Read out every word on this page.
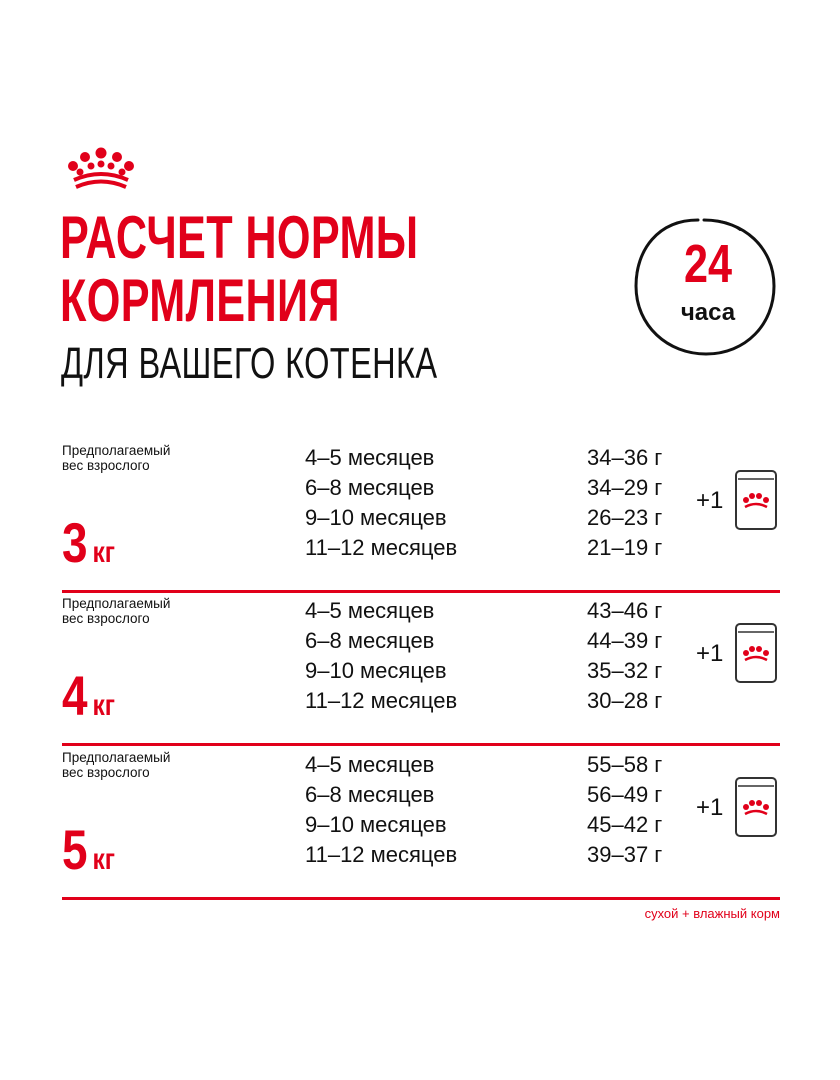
РАСЧЕТ НОРМЫ
КОРМЛЕНИЯ
ДЛЯ ВАШЕГО КОТЕНКА
24
часа
Предполагаемый
вес взрослого
3 кг
4–5 месяцев
6–8 месяцев
9–10 месяцев
11–12 месяцев
34–36 г
34–29 г
26–23 г
21–19 г
+1
Предполагаемый
вес взрослого
4 кг
4–5 месяцев
6–8 месяцев
9–10 месяцев
11–12 месяцев
43–46 г
44–39 г
35–32 г
30–28 г
+1
Предполагаемый
вес взрослого
5 кг
4–5 месяцев
6–8 месяцев
9–10 месяцев
11–12 месяцев
55–58 г
56–49 г
45–42 г
39–37 г
+1
сухой + влажный корм
